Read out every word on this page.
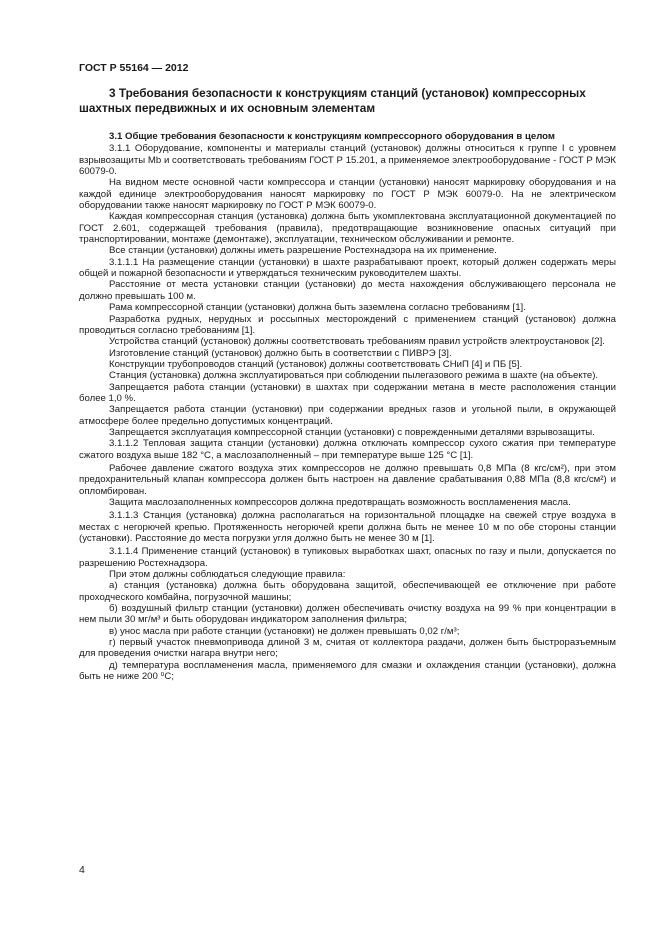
ГОСТ Р 55164 — 2012
3 Требования безопасности к конструкциям станций (установок) компрессорных шахтных передвижных и их основным элементам
3.1 Общие требования безопасности к конструкциям компрессорного оборудования в целом

3.1.1 Оборудование, компоненты и материалы станций (установок) должны относиться к группе I с уровнем взрывозащиты Mb и соответствовать требованиям ГОСТ Р 15.201, а применяемое электрооборудование - ГОСТ Р МЭК 60079-0.

На видном месте основной части компрессора и станции (установки) наносят маркировку оборудования и на каждой единице электрооборудования наносят маркировку по ГОСТ Р МЭК 60079-0. На не электрическом оборудовании также наносят маркировку по ГОСТ Р МЭК 60079-0.

Каждая компрессорная станция (установка) должна быть укомплектована эксплуатационной документацией по ГОСТ 2.601, содержащей требования (правила), предотвращающие возникновение опасных ситуаций при транспортировании, монтаже (демонтаже), эксплуатации, техническом обслуживании и ремонте.

Все станции (установки) должны иметь разрешение Ростехнадзора на их применение.

3.1.1.1 На размещение станции (установки) в шахте разрабатывают проект, который должен содержать меры общей и пожарной безопасности и утверждаться техническим руководителем шахты.

Расстояние от места установки станции (установки) до места нахождения обслуживающего персонала не должно превышать 100 м.

Рама компрессорной станции (установки) должна быть заземлена согласно требованиям [1].

Разработка рудных, нерудных и россыпных месторождений с применением станций (установок) должна проводиться согласно требованиям [1].

Устройства станций (установок) должны соответствовать требованиям правил устройств электроустановок [2].

Изготовление станций (установок) должно быть в соответствии с ПИВРЭ [3].

Конструкции трубопроводов станций (установок) должны соответствовать СНиП [4] и ПБ [5].

Станция (установка) должна эксплуатироваться при соблюдении пылегазового режима в шахте (на объекте).

Запрещается работа станции (установки) в шахтах при содержании метана в месте расположения станции более 1,0 %.

Запрещается работа станции (установки) при содержании вредных газов и угольной пыли, в окружающей атмосфере более предельно допустимых концентраций.

Запрещается эксплуатация компрессорной станции (установки) с поврежденными деталями взрывозащиты.

3.1.1.2 Тепловая защита станции (установки) должна отключать компрессор сухого сжатия при температуре сжатого воздуха выше 182 °С, а маслозаполненный – при температуре выше 125 °С [1].

Рабочее давление сжатого воздуха этих компрессоров не должно превышать 0,8 МПа (8 кгс/см²), при этом предохранительный клапан компрессора должен быть настроен на давление срабатывания 0,88 МПа (8,8 кгс/см²) и опломбирован.

Защита маслозаполненных компрессоров должна предотвращать возможность воспламенения масла.

3.1.1.3 Станция (установка) должна располагаться на горизонтальной площадке на свежей струе воздуха в местах с негорючей крепью. Протяженность негорючей крепи должна быть не менее 10 м по обе стороны станции (установки). Расстояние до места погрузки угля должно быть не менее 30 м [1].

3.1.1.4 Применение станций (установок) в тупиковых выработках шахт, опасных по газу и пыли, допускается по разрешению Ростехнадзора.

При этом должны соблюдаться следующие правила:

а) станция (установка) должна быть оборудована защитой, обеспечивающей ее отключение при работе проходческого комбайна, погрузочной машины;

б) воздушный фильтр станции (установки) должен обеспечивать очистку воздуха на 99 % при концентрации в нем пыли 30 мг/м³ и быть оборудован индикатором заполнения фильтра;

в) унос масла при работе станции (установки) не должен превышать 0,02 г/м³;

г) первый участок пневмопривода длиной 3 м, считая от коллектора раздачи, должен быть быстроразъемным для проведения очистки нагара внутри него;

д) температура воспламенения масла, применяемого для смазки и охлаждения станции (установки), должна быть не ниже 200 ⁰С;

4
